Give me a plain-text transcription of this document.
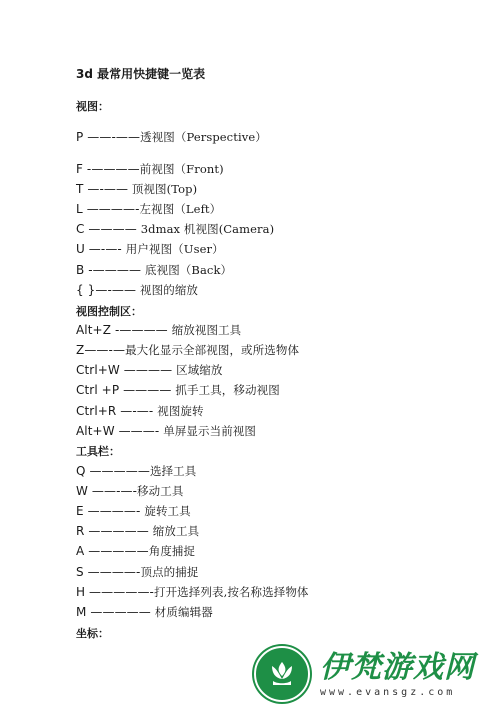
3d 最常用快捷键一览表
视图：
P ——-——透视图（Perspective）
F -————前视图（Front)
T —-—— 顶视图(Top)
L ————-左视图（Left）
C ———— 3dmax 机视图(Camera)
U —-—- 用户视图（User）
B -———— 底视图（Back）
{ }—-—— 视图的缩放
视图控制区：
Alt+Z -———— 缩放视图工具
Z——-—最大化显示全部视图，或所选物体
Ctrl+W ———— 区域缩放
Ctrl +P ———— 抓手工具，移动视图
Ctrl+R —-—- 视图旋转
Alt+W ———- 单屏显示当前视图
工具栏：
Q —————选择工具
W ——-—-移动工具
E ————- 旋转工具
R ————— 缩放工具
A —————角度捕捉
S ————-顶点的捕捉
H —————-打开选择列表,按名称选择物体
M ————— 材质编辑器
坐标：
伊梵游戏网
www.evansgz.com
